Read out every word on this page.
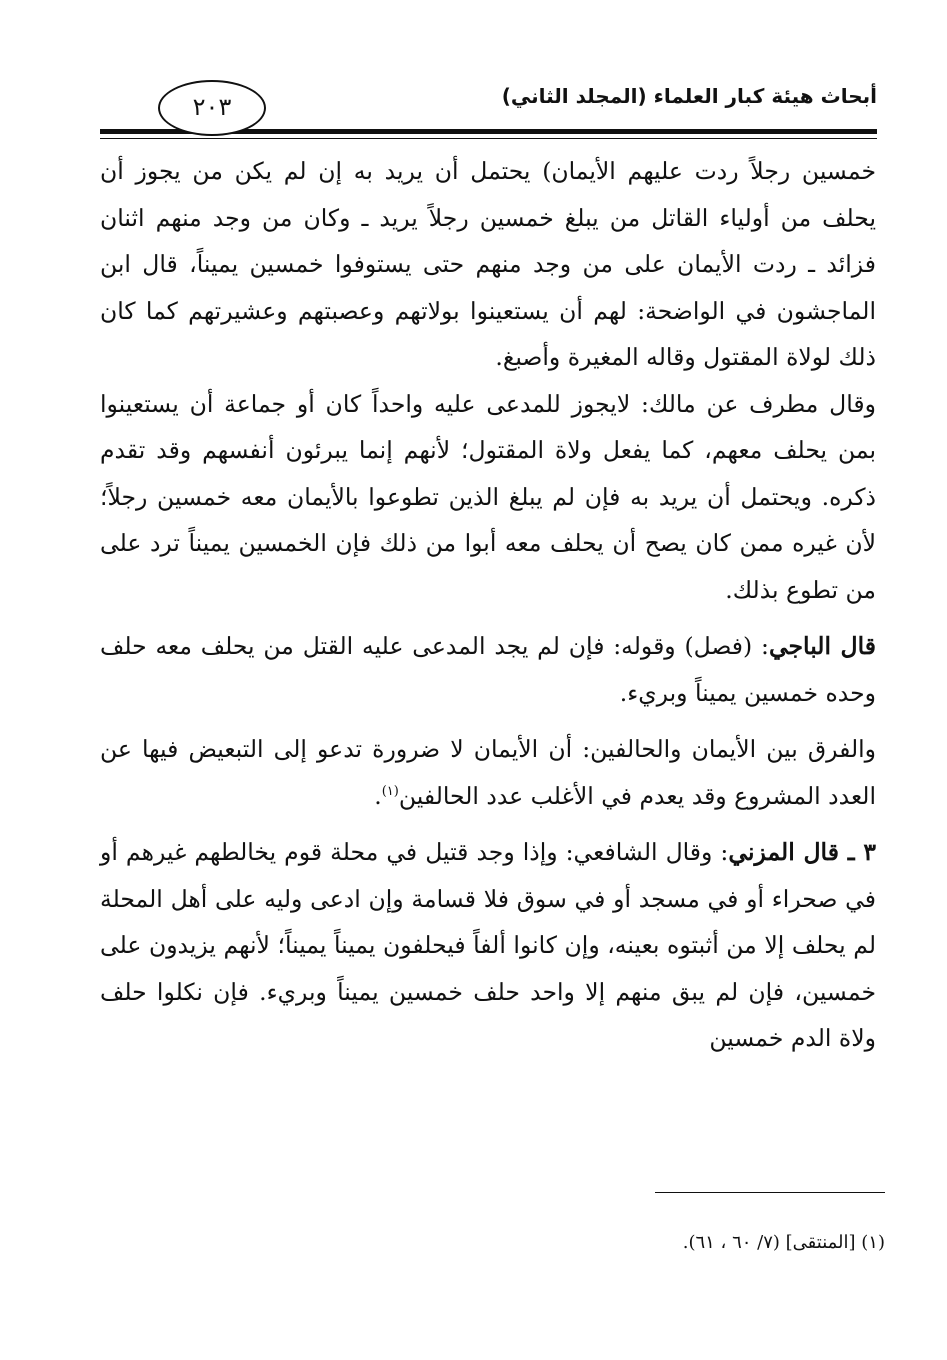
أبحاث هيئة كبار العلماء (المجلد الثاني)
٢٠٣

خمسين رجلاً ردت عليهم الأيمان) يحتمل أن يريد به إن لم يكن من يجوز أن يحلف من أولياء القاتل من يبلغ خمسين رجلاً يريد ـ وكان من وجد منهم اثنان فزائد ـ ردت الأيمان على من وجد منهم حتى يستوفوا خمسين يميناً، قال ابن الماجشون في الواضحة: لهم أن يستعينوا بولاتهم وعصبتهم وعشيرتهم كما كان ذلك لولاة المقتول وقاله المغيرة وأصبغ.

وقال مطرف عن مالك: لايجوز للمدعى عليه واحداً كان أو جماعة أن يستعينوا بمن يحلف معهم، كما يفعل ولاة المقتول؛ لأنهم إنما يبرئون أنفسهم وقد تقدم ذكره. ويحتمل أن يريد به فإن لم يبلغ الذين تطوعوا بالأيمان معه خمسين رجلاً؛ لأن غيره ممن كان يصح أن يحلف معه أبوا من ذلك فإن الخمسين يميناً ترد على من تطوع بذلك.

قال الباجي: (فصل) وقوله: فإن لم يجد المدعى عليه القتل من يحلف معه حلف وحده خمسين يميناً وبريء.

والفرق بين الأيمان والحالفين: أن الأيمان لا ضرورة تدعو إلى التبعيض فيها عن العدد المشروع وقد يعدم في الأغلب عدد الحالفين$^{(١)}$.

٣ ـ قال المزني: وقال الشافعي: وإذا وجد قتيل في محلة قوم يخالطهم غيرهم أو في صحراء أو في مسجد أو في سوق فلا قسامة وإن ادعى وليه على أهل المحلة لم يحلف إلا من أثبتوه بعينه، وإن كانوا ألفاً فيحلفون يميناً يميناً؛ لأنهم يزيدون على خمسين، فإن لم يبق منهم إلا واحد حلف خمسين يميناً وبريء. فإن نكلوا حلف ولاة الدم خمسين

(١) [المنتقى] (٧/ ٦٠ ، ٦١).
